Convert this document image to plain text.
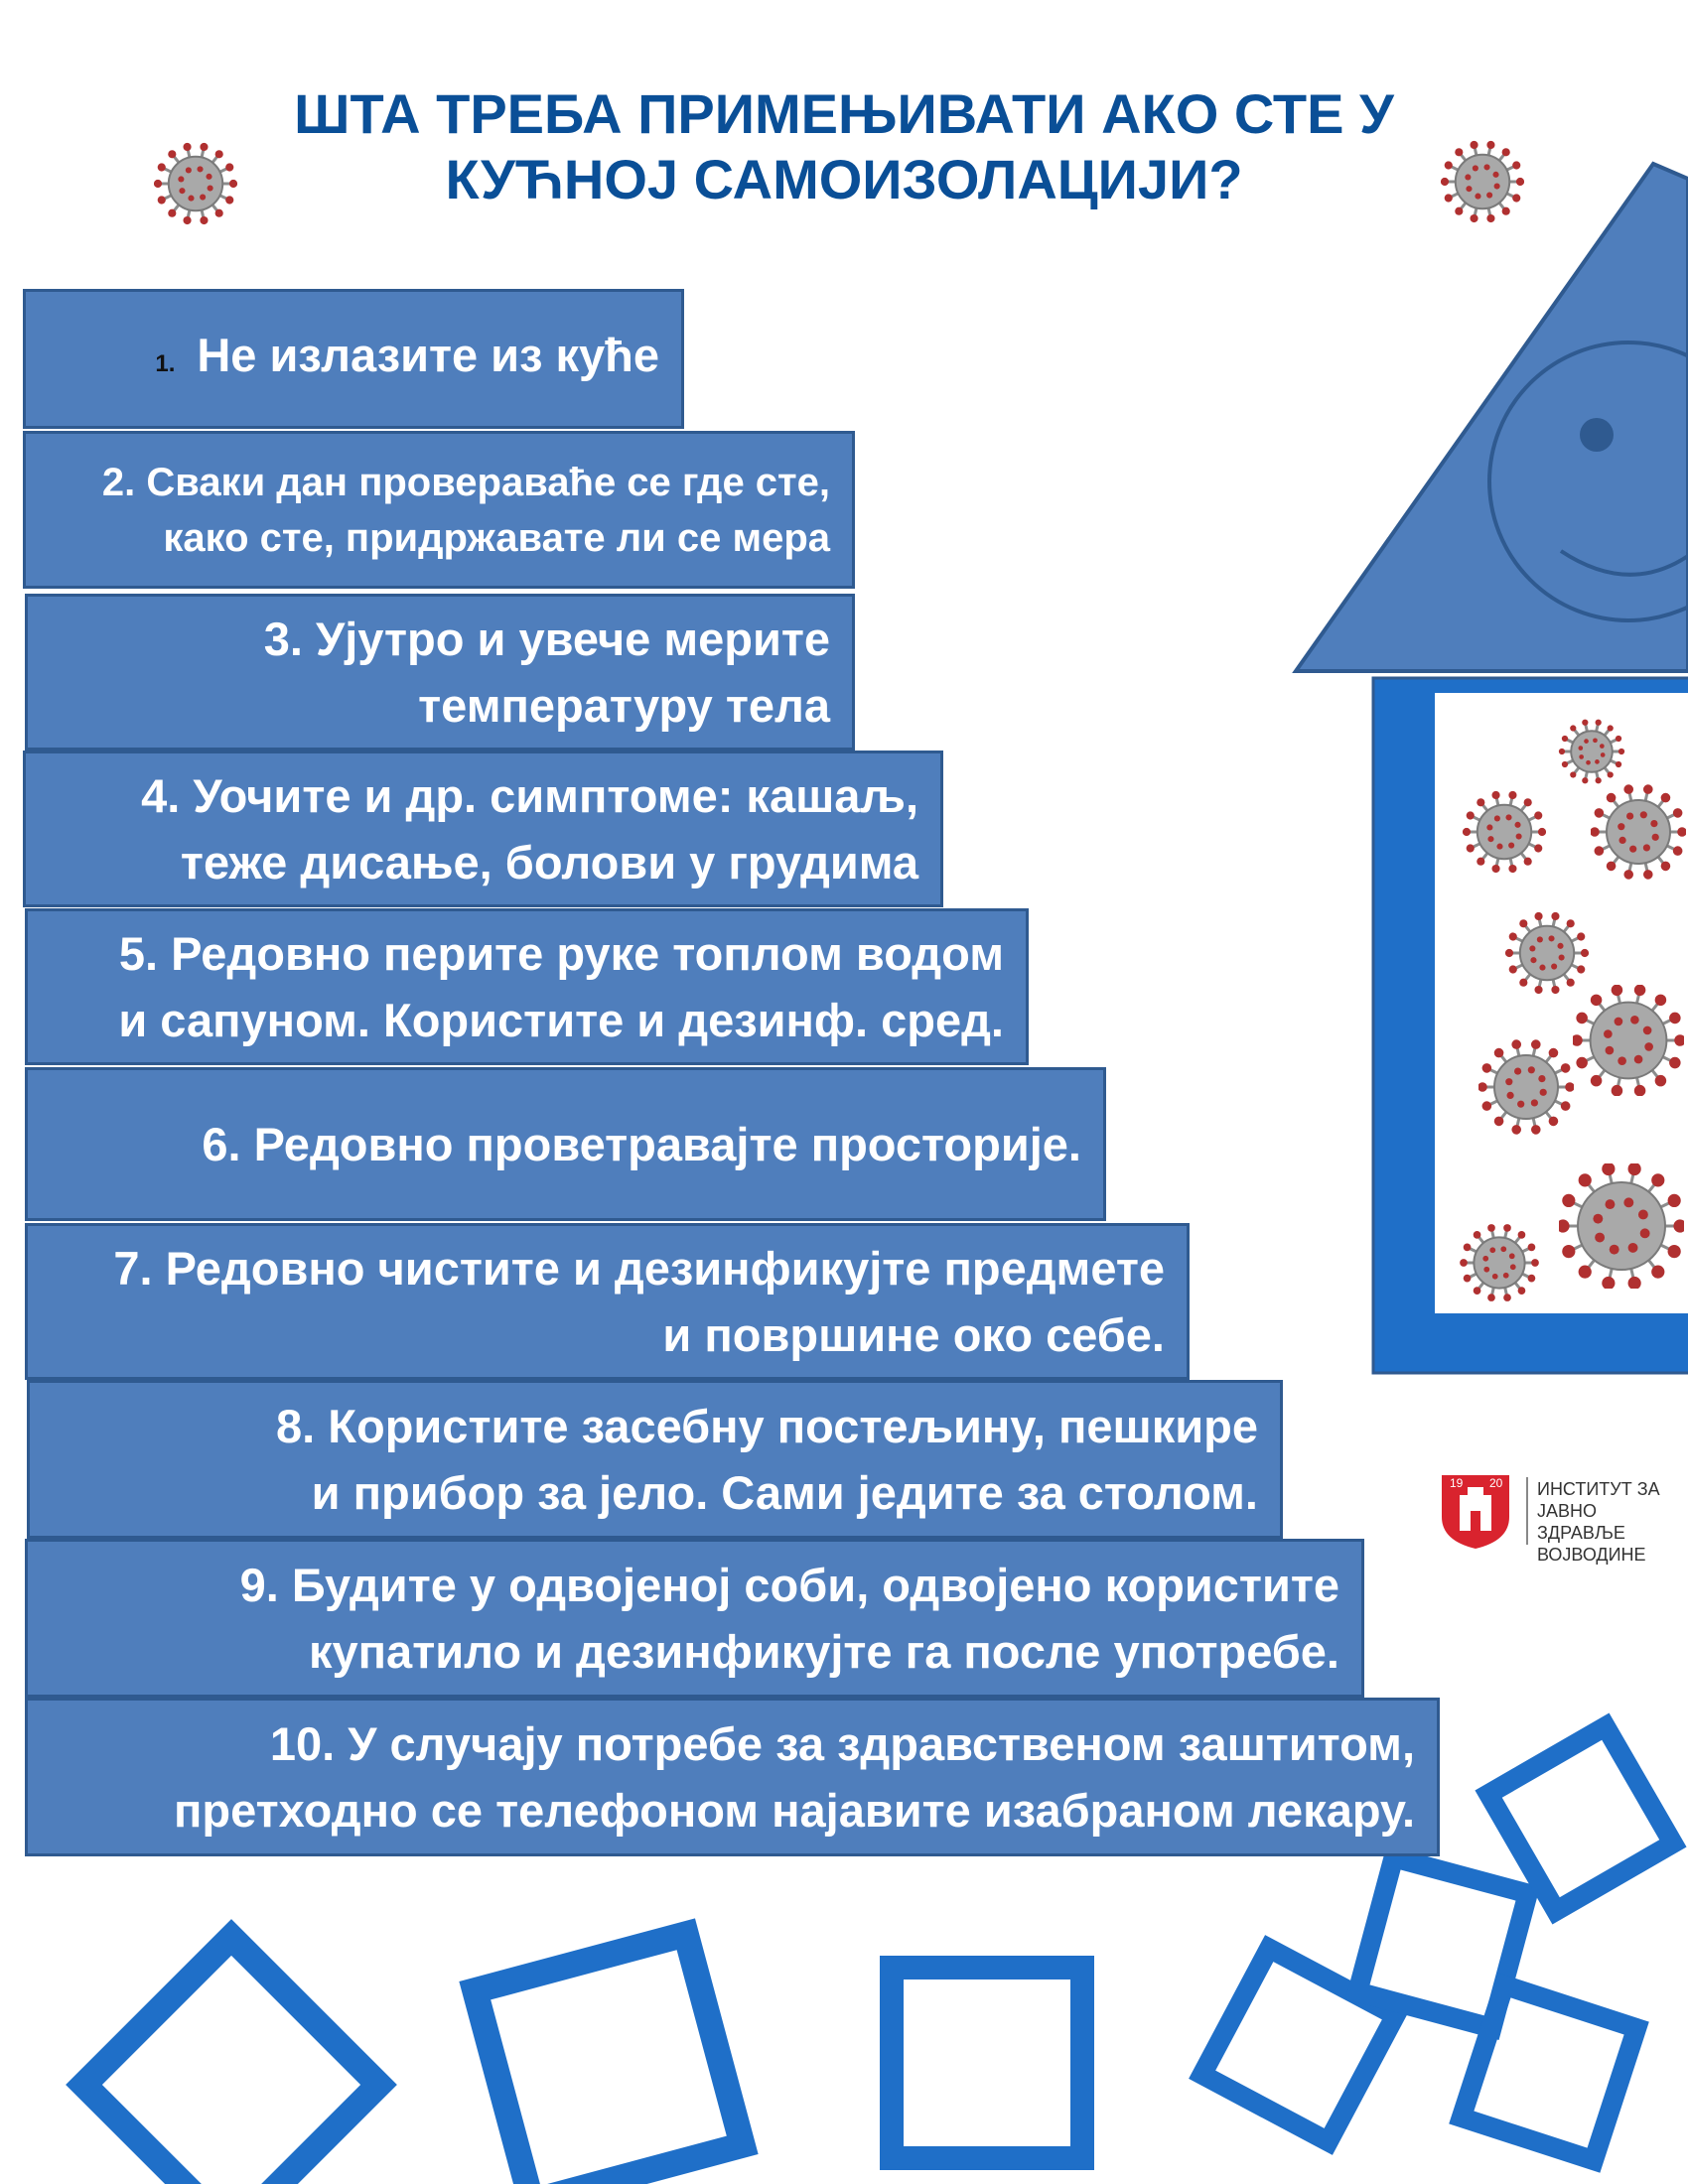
ШТА ТРЕБА ПРИМЕЊИВАТИ АКО СТЕ У
КУЋНОЈ САМОИЗОЛАЦИЈИ?
1. Не излазите из куће
2. Сваки дан провераваће се где сте,
како сте, придржавате ли се мера
3. Ујутро и увече мерите
температуру тела
4. Уочите и др. симптоме: кашаљ,
теже дисање, болови у грудима
5. Редовно перите руке топлом водом
и сапуном. Користите и дезинф. сред.
6. Редовно проветравајте просторије.
7. Редовно чистите и дезинфикујте предмете
и површине око себе.
8. Користите засебну постељину, пешкире
и прибор за јело. Сами једите за столом.
9. Будите у одвојеној соби, одвојено користите
купатило и дезинфикујте га после употребе.
10. У случају потребе за здравственом заштитом,
претходно се телефоном најавите изабраном лекару.
19 20 ИНСТИТУТ ЗА
ЈАВНО ЗДРАВЉЕ
ВОЈВОДИНЕ
